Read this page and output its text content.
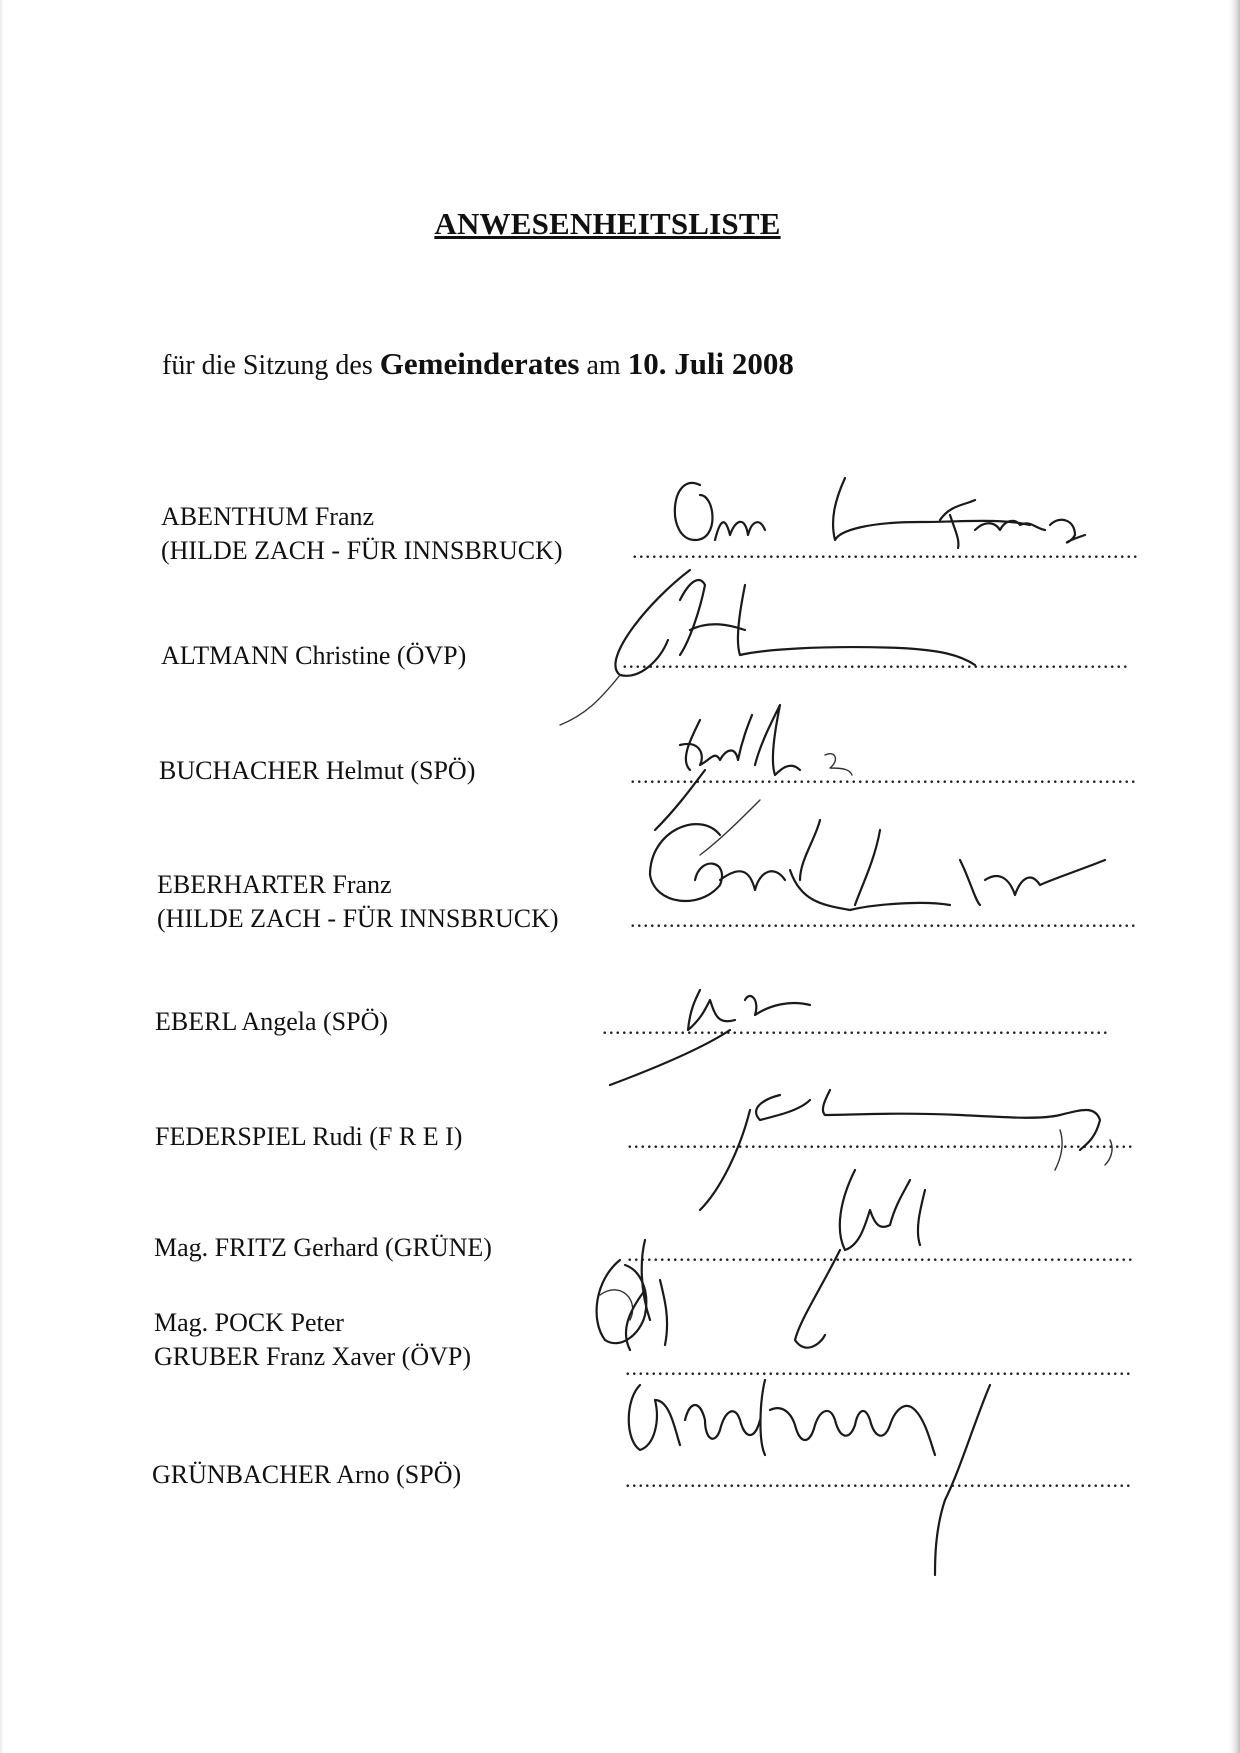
ANWESENHEITSLISTE
für die Sitzung des Gemeinderates am 10. Juli 2008
ABENTHUM Franz
(HILDE ZACH - FÜR INNSBRUCK)	..............................................................................
ALTMANN Christine (ÖVP)	..............................................................................
BUCHACHER Helmut (SPÖ)	..............................................................................
EBERHARTER Franz
(HILDE ZACH - FÜR INNSBRUCK)	..............................................................................
EBERL Angela (SPÖ)	..............................................................................
FEDERSPIEL Rudi (F R E I)	..............................................................................
Mag. FRITZ Gerhard (GRÜNE)	..............................................................................
Mag. POCK Peter
GRUBER Franz Xaver (ÖVP)	..............................................................................
GRÜNBACHER Arno (SPÖ)	..............................................................................
